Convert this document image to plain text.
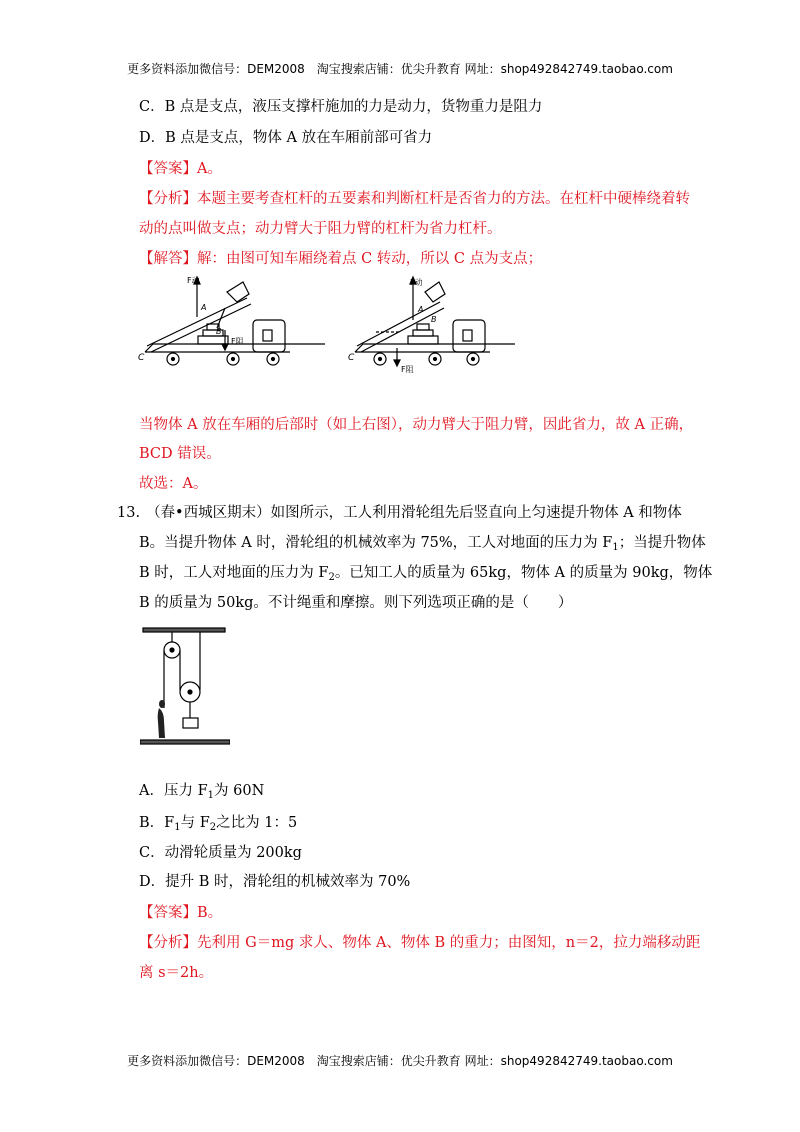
更多资料添加微信号：DEM2008　淘宝搜索店铺：优尖升教育 网址：shop492842749.taobao.com
C．B 点是支点，液压支撑杆施加的力是动力，货物重力是阻力
D．B 点是支点，物体 A 放在车厢前部可省力
【答案】A。
【分析】本题主要考查杠杆的五要素和判断杠杆是否省力的方法。在杠杆中硬棒绕着转
动的点叫做支点；动力臂大于阻力臂的杠杆为省力杠杆。
【解答】解：由图可知车厢绕着点 C 转动，所以 C 点为支点；
F动
A
B
F阻
C
F动
A
B
F阻
C
当物体 A 放在车厢的后部时（如上右图），动力臂大于阻力臂，因此省力，故 A 正确，
BCD 错误。
故选：A。
13. （春•西城区期末）如图所示，工人利用滑轮组先后竖直向上匀速提升物体 A 和物体
B。当提升物体 A 时，滑轮组的机械效率为 75%，工人对地面的压力为 $F_1$；当提升物体
B 时，工人对地面的压力为 $F_2$。已知工人的质量为 65kg，物体 A 的质量为 90kg，物体
B 的质量为 50kg。不计绳重和摩擦。则下列选项正确的是（　　）
A．压力 $F_1$为 60N
B．$F_1$与 $F_2$之比为 1：5
C．动滑轮质量为 200kg
D．提升 B 时，滑轮组的机械效率为 70%
【答案】B。
【分析】先利用 G＝mg 求人、物体 A、物体 B 的重力；由图知，n＝2，拉力端移动距
离 s＝2h。
更多资料添加微信号：DEM2008　淘宝搜索店铺：优尖升教育 网址：shop492842749.taobao.com
